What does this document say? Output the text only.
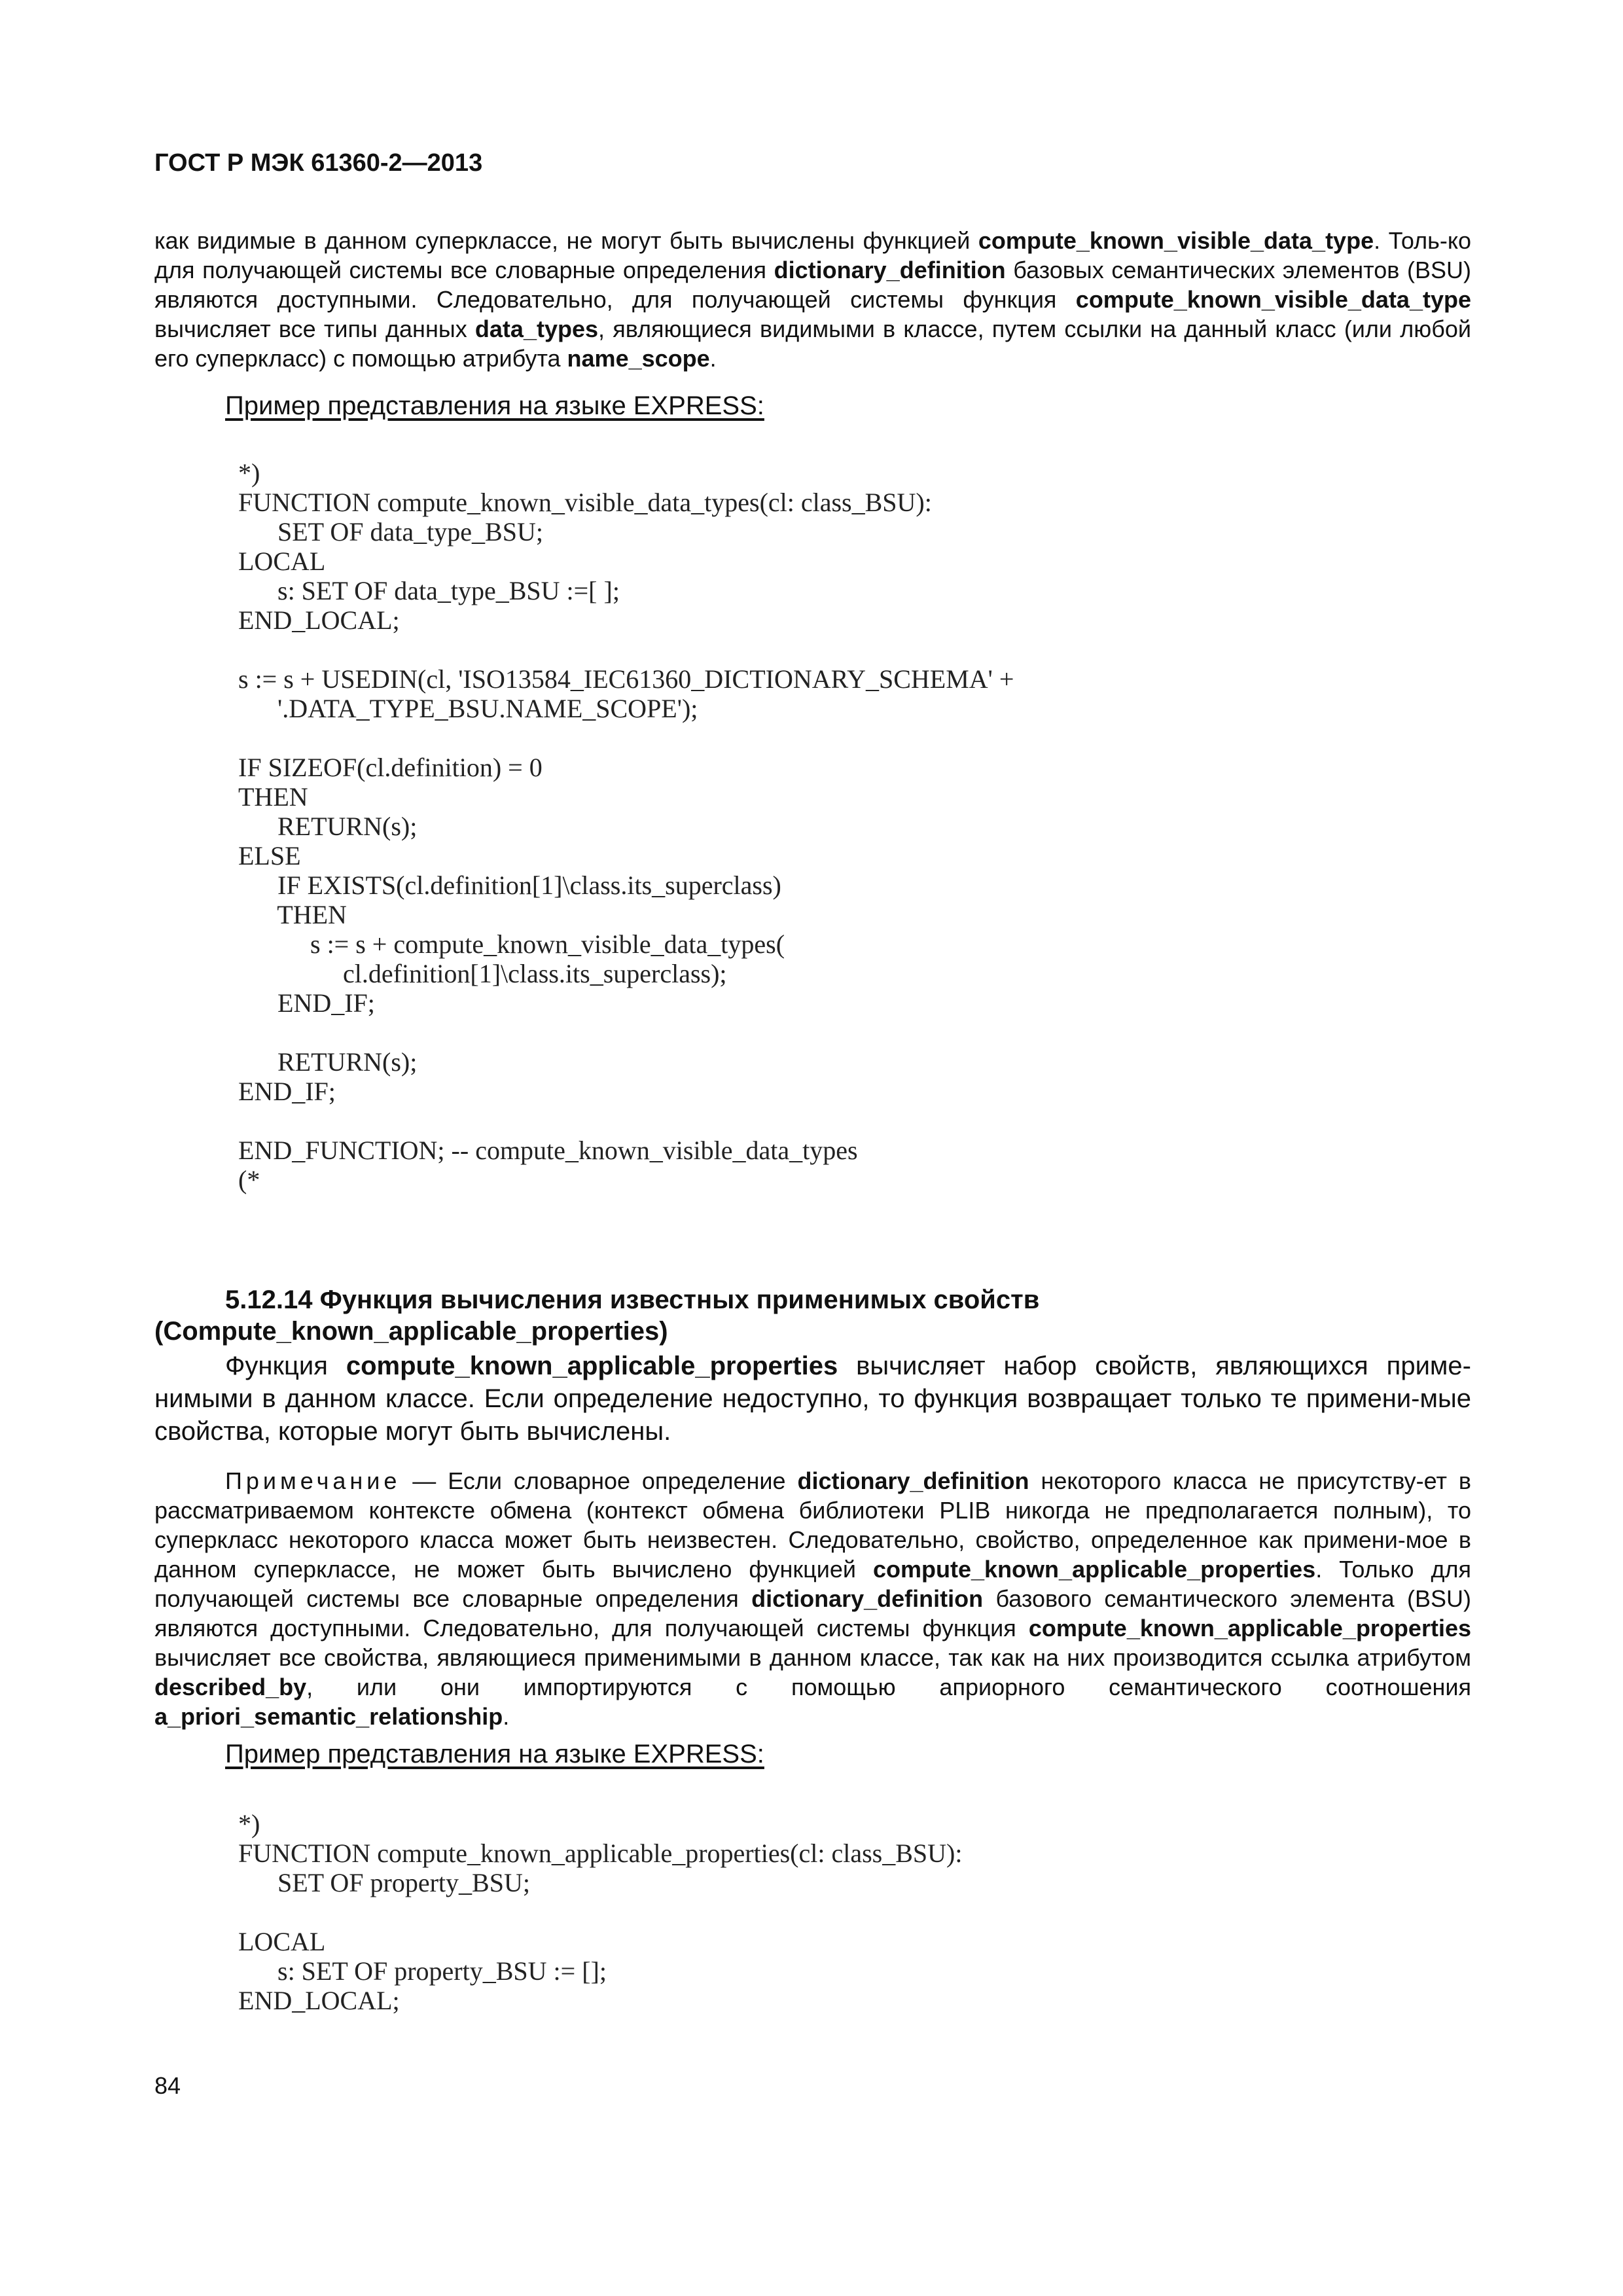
ГОСТ Р МЭК 61360-2—2013

как видимые в данном суперклассе, не могут быть вычислены функцией compute_known_visible_data_type. Толь-ко для получающей системы все словарные определения dictionary_definition базовых семантических элементов (BSU) являются доступными. Следовательно, для получающей системы функция compute_known_visible_data_type вычисляет все типы данных data_types, являющиеся видимыми в классе, путем ссылки на данный класс (или любой его суперкласс) с помощью атрибута name_scope.

Пример представления на языке EXPRESS:
*)
FUNCTION compute_known_visible_data_types(cl: class_BSU):
SET OF data_type_BSU;
LOCAL
s: SET OF data_type_BSU :=[ ];
END_LOCAL;

s := s + USEDIN(cl, 'ISO13584_IEC61360_DICTIONARY_SCHEMA' +
'.DATA_TYPE_BSU.NAME_SCOPE');

IF SIZEOF(cl.definition) = 0
THEN
RETURN(s);
ELSE
IF EXISTS(cl.definition[1]\class.its_superclass)
THEN
s := s + compute_known_visible_data_types(
cl.definition[1]\class.its_superclass);
END_IF;

RETURN(s);
END_IF;

END_FUNCTION; -- compute_known_visible_data_types
(*

5.12.14 Функция вычисления известных применимых свойств (Compute_known_applicable_properties)

Функция compute_known_applicable_properties вычисляет набор свойств, являющихся приме-нимыми в данном классе. Если определение недоступно, то функция возвращает только те примени-мые свойства, которые могут быть вычислены.

Примечание — Если словарное определение dictionary_definition некоторого класса не присутству-ет в рассматриваемом контексте обмена (контекст обмена библиотеки PLIB никогда не предполагается полным), то суперкласс некоторого класса может быть неизвестен. Следовательно, свойство, определенное как примени-мое в данном суперклассе, не может быть вычислено функцией compute_known_applicable_properties. Только для получающей системы все словарные определения dictionary_definition базового семантического элемента (BSU) являются доступными. Следовательно, для получающей системы функция compute_known_applicable_properties вычисляет все свойства, являющиеся применимыми в данном классе, так как на них производится ссылка атрибутом described_by, или они импортируются с помощью априорного семантического соотношения a_priori_semantic_relationship.

Пример представления на языке EXPRESS:
*)
FUNCTION compute_known_applicable_properties(cl: class_BSU):
SET OF property_BSU;

LOCAL
s: SET OF property_BSU := [];
END_LOCAL;
84
